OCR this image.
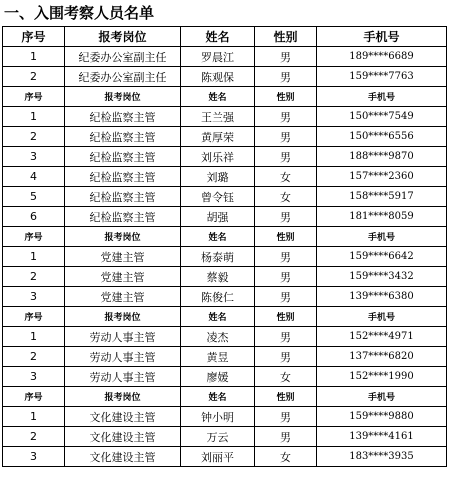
一、入围考察人员名单
序号	报考岗位	姓名	性别	手机号
1	纪委办公室副主任	罗晨江	男	189****6689
2	纪委办公室副主任	陈观保	男	159****7763
序号	报考岗位	姓名	性别	手机号
1	纪检监察主管	王兰强	男	150****7549
2	纪检监察主管	黄厚荣	男	150****6556
3	纪检监察主管	刘乐祥	男	188****9870
4	纪检监察主管	刘璐	女	157****2360
5	纪检监察主管	曾令钰	女	158****5917
6	纪检监察主管	胡强	男	181****8059
序号	报考岗位	姓名	性别	手机号
1	党建主管	杨泰萌	男	159****6642
2	党建主管	蔡毅	男	159****3432
3	党建主管	陈俊仁	男	139****6380
序号	报考岗位	姓名	性别	手机号
1	劳动人事主管	凌杰	男	152****4971
2	劳动人事主管	黄昱	男	137****6820
3	劳动人事主管	廖媛	女	152****1990
序号	报考岗位	姓名	性别	手机号
1	文化建设主管	钟小明	男	159****9880
2	文化建设主管	万云	男	139****4161
3	文化建设主管	刘丽平	女	183****3935
